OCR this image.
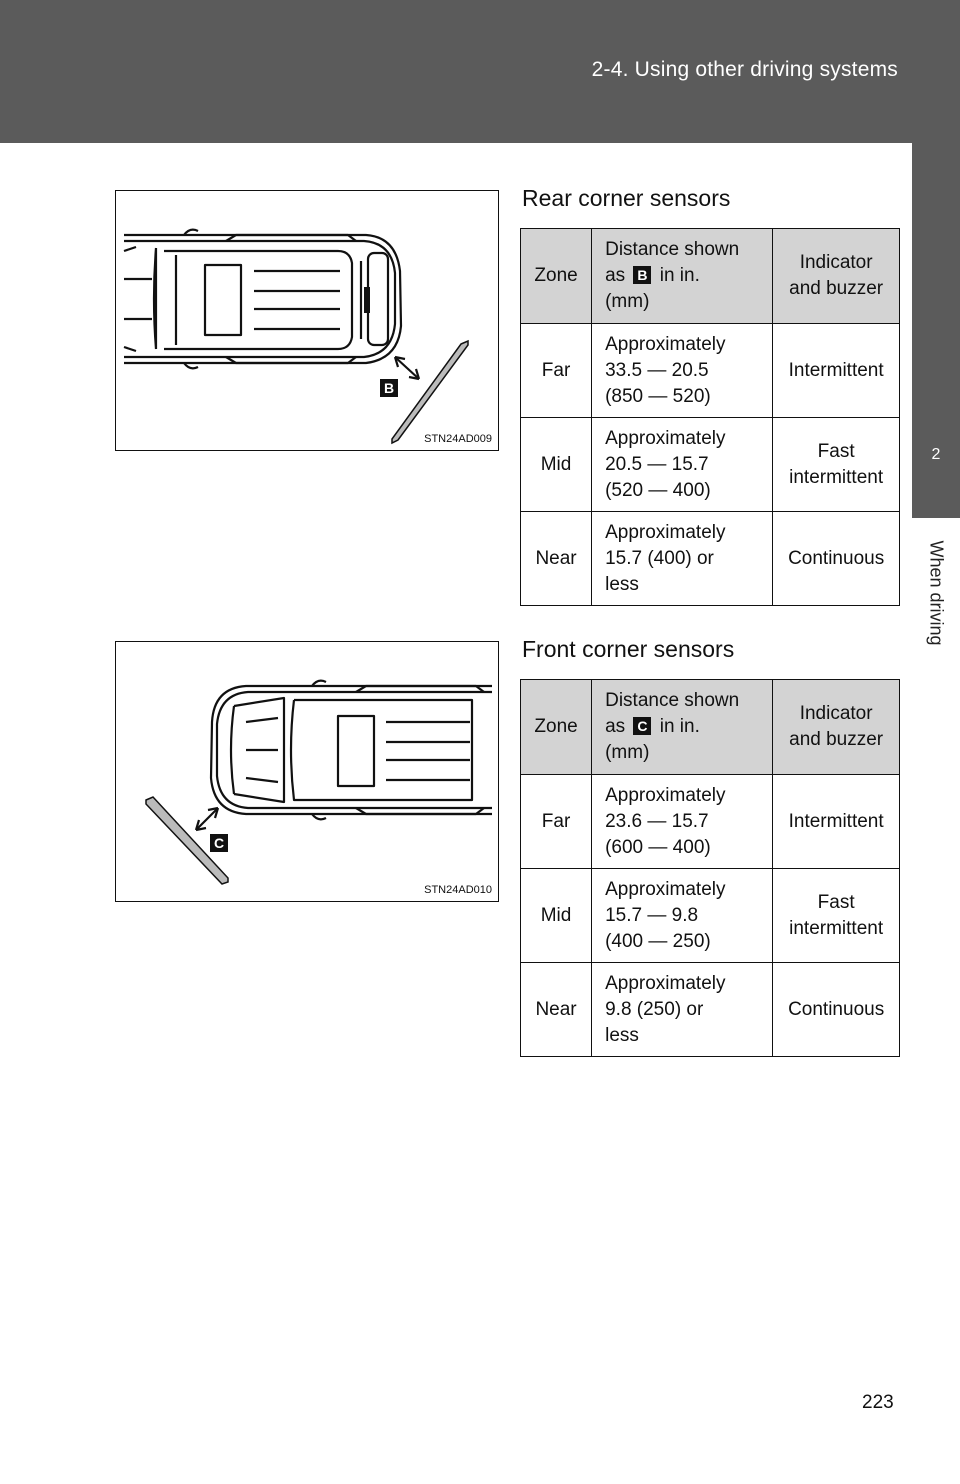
2-4. Using other driving systems
2
When driving
B
STN24AD009
Rear corner sensors
Zone	Distance shown
as B in in.
(mm)	Indicator
and buzzer

Far	Approximately
33.5 — 20.5
(850 — 520)	Intermittent

Mid	Approximately
20.5 — 15.7
(520 — 400)	Fast
intermittent

Near	Approximately
15.7 (400) or
less	Continuous
C
STN24AD010
Front corner sensors
Zone	Distance shown
as C in in.
(mm)	Indicator
and buzzer

Far	Approximately
23.6 — 15.7
(600 — 400)	Intermittent

Mid	Approximately
15.7 — 9.8
(400 — 250)	Fast
intermittent

Near	Approximately
9.8 (250) or
less	Continuous
223
